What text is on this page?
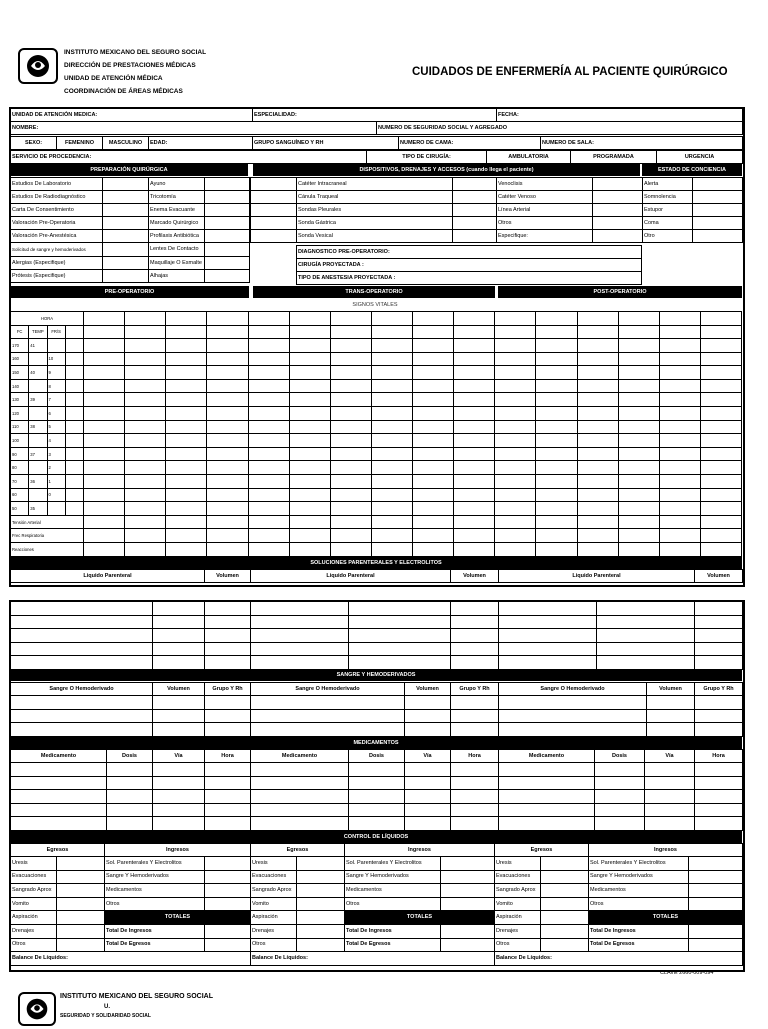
INSTITUTO MEXICANO DEL SEGURO SOCIAL
DIRECCIÓN DE PRESTACIONES MÉDICAS
UNIDAD DE ATENCIÓN MÉDICA
COORDINACIÓN DE ÁREAS MÉDICAS
CUIDADOS DE ENFERMERÍA AL PACIENTE QUIRÚRGICO
UNIDAD DE ATENCIÓN MEDICA:	ESPECIALIDAD:		FECHA:
NOMBRE:		NUMERO DE SEGURIDAD SOCIAL Y AGREGADO	
SEXO:	FEMENINO	MASCULINO	EDAD:	GRUPO SANGUÍNEO Y RH	NUMERO DE CAMA:	NUMERO DE SALA:
SERVICIO DE PROCEDENCIA:	TIPO DE CIRUGÍA:	AMBULATORIA	PROGRAMADA	URGENCIA
PREPARACIÓN QUIRÚRGICA	DISPOSITIVOS, DRENAJES Y ACCESOS (cuando llega el paciente)	ESTADO DE CONCIENCIA
Estudios De Laboratorio		Ayuno	
Estudios De Radiodiagnóstico		Tricotomía	
Carta De Consentimiento		Enema Evacuante	
Valoración Pre-Operatoria		Marcado Quirúrgico	
Valoración Pre-Anestésica		Profilaxis Antibiótica	
Solicitud de sangre y hemoderivados		Lentes De Contacto	
Alergias (Especifique)		Maquillaje O Esmalte	
Prótesis (Especifique)		Alhajas	
	Catéter Intracraneal		Venoclisis	
	Cánula Traqueal		Catéter Venoso	
	Sondas Pleurales		Línea Arterial	
	Sonda Gástrica		Otros	
	Sonda Vesical		Especifique:	
Alerta	
Somnolencia	
Estupor	
Coma	
Otro	
DIAGNOSTICO PRE-OPERATORIO:
CIRUGÍA PROYECTADA :
TIPO DE ANESTESIA PROYECTADA :
PRE-OPERATORIO	TRANS-OPERATORIO	POST-OPERATORIO
SIGNOS VITALES
HORA																			
FC	TEMP	FR/S																	
170	41																		
160		10																	
150	40	9																	
140		8																	
130	39	7																	
120		6																	
110	38	5																	
100		4																	
90	37	3																	
80		2																	
70	36	1																	
60		0																	
50	35																		
Tensión Arterial																			
Frec Respiratoria																			
Reacciones																			
SOLUCIONES PARENTERALES Y ELECTROLITOS
Liquido Parenteral	Volumen	Liquido Parenteral	Volumen	Liquido Parenteral	Volumen

SANGRE Y HEMODERIVADOS
Sangre O Hemoderivado	Volumen	Grupo Y Rh	Sangre O Hemoderivado	Volumen	Grupo Y Rh	Sangre O Hemoderivado	Volumen	Grupo Y Rh

MEDICAMENTOS
Medicamento	Dosis	Vía	Hora	Medicamento	Dosis	Vía	Hora	Medicamento	Dosis	Vía	Hora

CONTROL DE LÍQUIDOS
Egresos		Ingresos		Egresos		Ingresos		Egresos		Ingresos	
Uresis		Sol. Parenterales Y Electrolitos		Uresis		Sol. Parenterales Y Electrolitos		Uresis		Sol. Parenterales Y Electrolitos	
Evacuaciones		Sangre Y Hemoderivados		Evacuaciones		Sangre Y Hemoderivados		Evacuaciones		Sangre Y Hemoderivados	
Sangrado Aprox		Medicamentos		Sangrado Aprox		Medicamentos		Sangrado Aprox		Medicamentos	
Vomito		Otros		Vomito		Otros		Vomito		Otros	
Aspiración		TOTALES		Aspiración		TOTALES		Aspiración		TOTALES	
Drenajes		Total De Ingresos		Drenajes		Total De Ingresos		Drenajes		Total De Ingresos	
Otros		Total De Egresos		Otros		Total De Egresos		Otros		Total De Egresos	
Balance De Líquidos:				Balance De Líquidos:				Balance De Líquidos:			
CLAVE 2660-009-094
INSTITUTO MEXICANO DEL SEGURO SOCIAL
U.
SEGURIDAD Y SOLIDARIDAD SOCIAL
